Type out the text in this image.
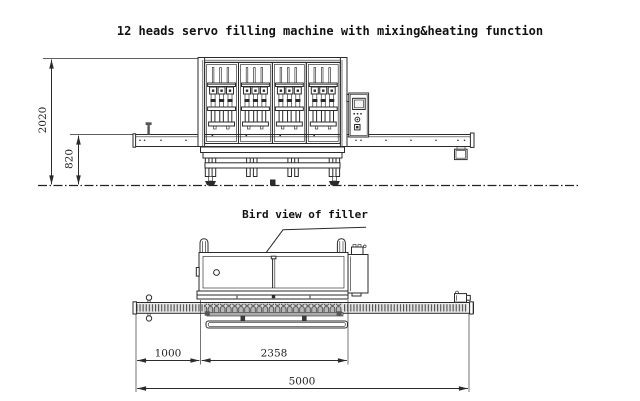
12 heads servo filling machine with mixing&heating function
2020
820
Bird view of filler
1000	2358
5000
